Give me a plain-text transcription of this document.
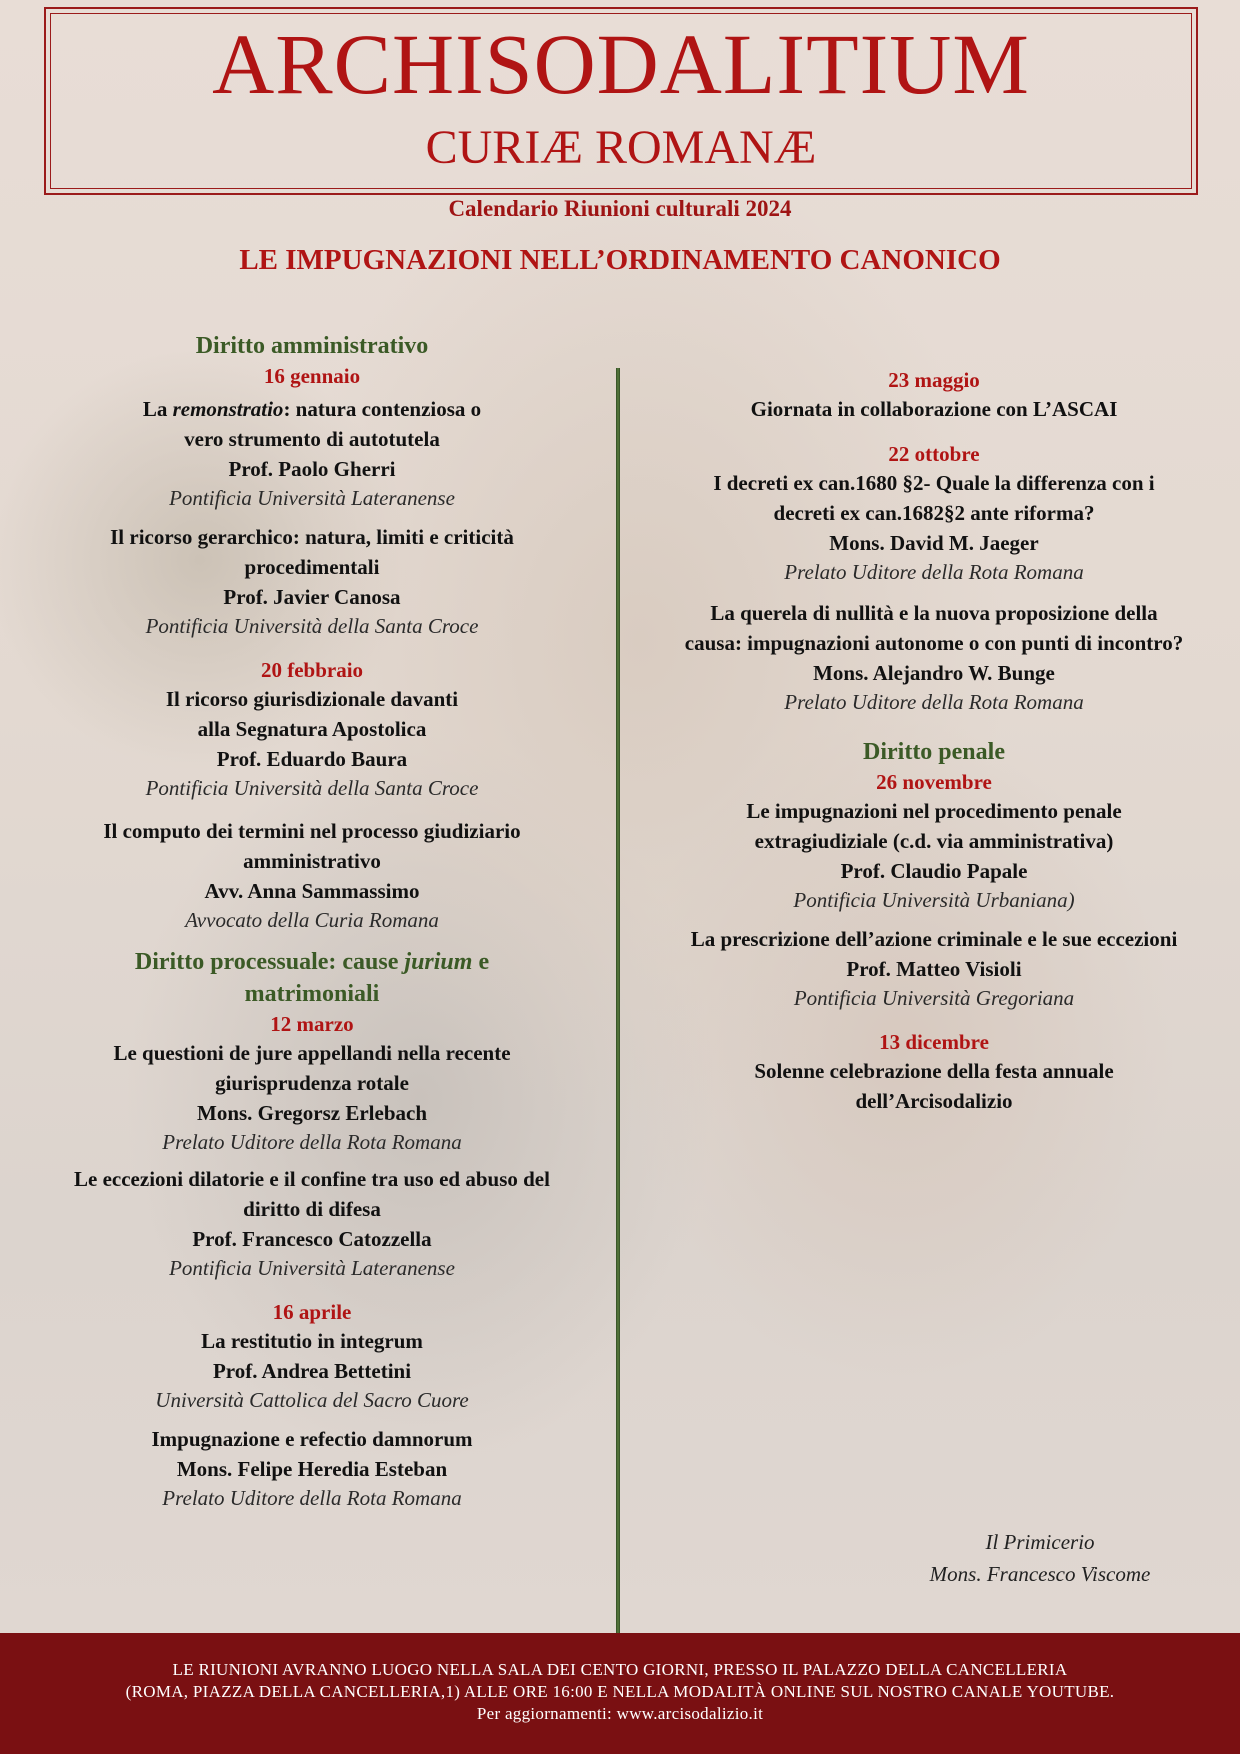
ARCHISODALITIUM
CURIÆ ROMANÆ
Calendario Riunioni culturali 2024
LE IMPUGNAZIONI NELL’ORDINAMENTO CANONICO
Diritto amministrativo
16 gennaio
La remonstratio: natura contenziosa o
vero strumento di autotutela
Prof. Paolo Gherri
Pontificia Università Lateranense
Il ricorso gerarchico: natura, limiti e criticità
procedimentali
Prof. Javier Canosa
Pontificia Università della Santa Croce
20 febbraio
Il ricorso giurisdizionale davanti
alla Segnatura Apostolica
Prof. Eduardo Baura
Pontificia Università della Santa Croce
Il computo dei termini nel processo giudiziario
amministrativo
Avv. Anna Sammassimo
Avvocato della Curia Romana
Diritto processuale: cause jurium e
matrimoniali
12 marzo
Le questioni de jure appellandi nella recente
giurisprudenza rotale
Mons. Gregorsz Erlebach
Prelato Uditore della Rota Romana
Le eccezioni dilatorie e il confine tra uso ed abuso del
diritto di difesa
Prof. Francesco Catozzella
Pontificia Università Lateranense
16 aprile
La restitutio in integrum
Prof. Andrea Bettetini
Università Cattolica del Sacro Cuore
Impugnazione e refectio damnorum
Mons. Felipe Heredia Esteban
Prelato Uditore della Rota Romana
23 maggio
Giornata in collaborazione con L’ASCAI
22 ottobre
I decreti ex can.1680 §2- Quale la differenza con i
decreti ex can.1682§2 ante riforma?
Mons. David M. Jaeger
Prelato Uditore della Rota Romana
La querela di nullità e la nuova proposizione della
causa: impugnazioni autonome o con punti di incontro?
Mons. Alejandro W. Bunge
Prelato Uditore della Rota Romana
Diritto penale
26 novembre
Le impugnazioni nel procedimento penale
extragiudiziale (c.d. via amministrativa)
Prof. Claudio Papale
Pontificia Università Urbaniana)
La prescrizione dell’azione criminale e le sue eccezioni
Prof. Matteo Visioli
Pontificia Università Gregoriana
13 dicembre
Solenne celebrazione della festa annuale
dell’Arcisodalizio
Il Primicerio
Mons. Francesco Viscome
LE RIUNIONI AVRANNO LUOGO NELLA SALA DEI CENTO GIORNI, PRESSO IL PALAZZO DELLA CANCELLERIA
(ROMA, PIAZZA DELLA CANCELLERIA,1) ALLE ORE 16:00 E NELLA MODALITÀ ONLINE SUL NOSTRO CANALE YOUTUBE.
Per aggiornamenti: www.arcisodalizio.it
